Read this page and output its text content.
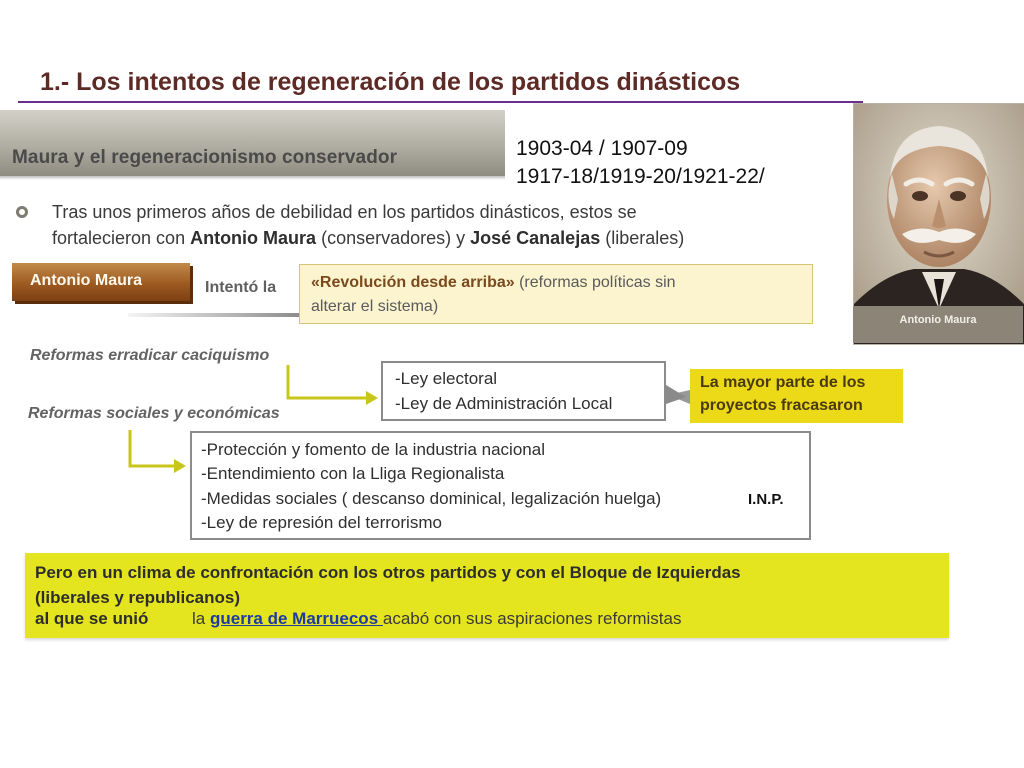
1.- Los intentos de regeneración de los partidos dinásticos
Maura y el regeneracionismo conservador	1903-04 / 1907-09
1917-18/1919-20/1921-22/
Antonio Maura
Tras unos primeros años de debilidad en los partidos dinásticos, estos se
fortalecieron con Antonio Maura (conservadores) y José Canalejas (liberales)
Antonio Maura	Intentó la «Revolución desde arriba» (reformas políticas sin
alterar el sistema)
Reformas erradicar caciquismo
Reformas sociales y económicas
-Ley electoral
-Ley de Administración Local
La mayor parte de los
proyectos fracasaron
-Protección y fomento de la industria nacional
-Entendimiento con la Lliga Regionalista
-Medidas sociales ( descanso dominical, legalización huelga)
-Ley de represión del terrorismo
I.N.P.
Pero en un clima de confrontación con los otros partidos y con el Bloque de Izquierdas
(liberales y republicanos)
al que se unió	la guerra de Marruecos acabó con sus aspiraciones reformistas
